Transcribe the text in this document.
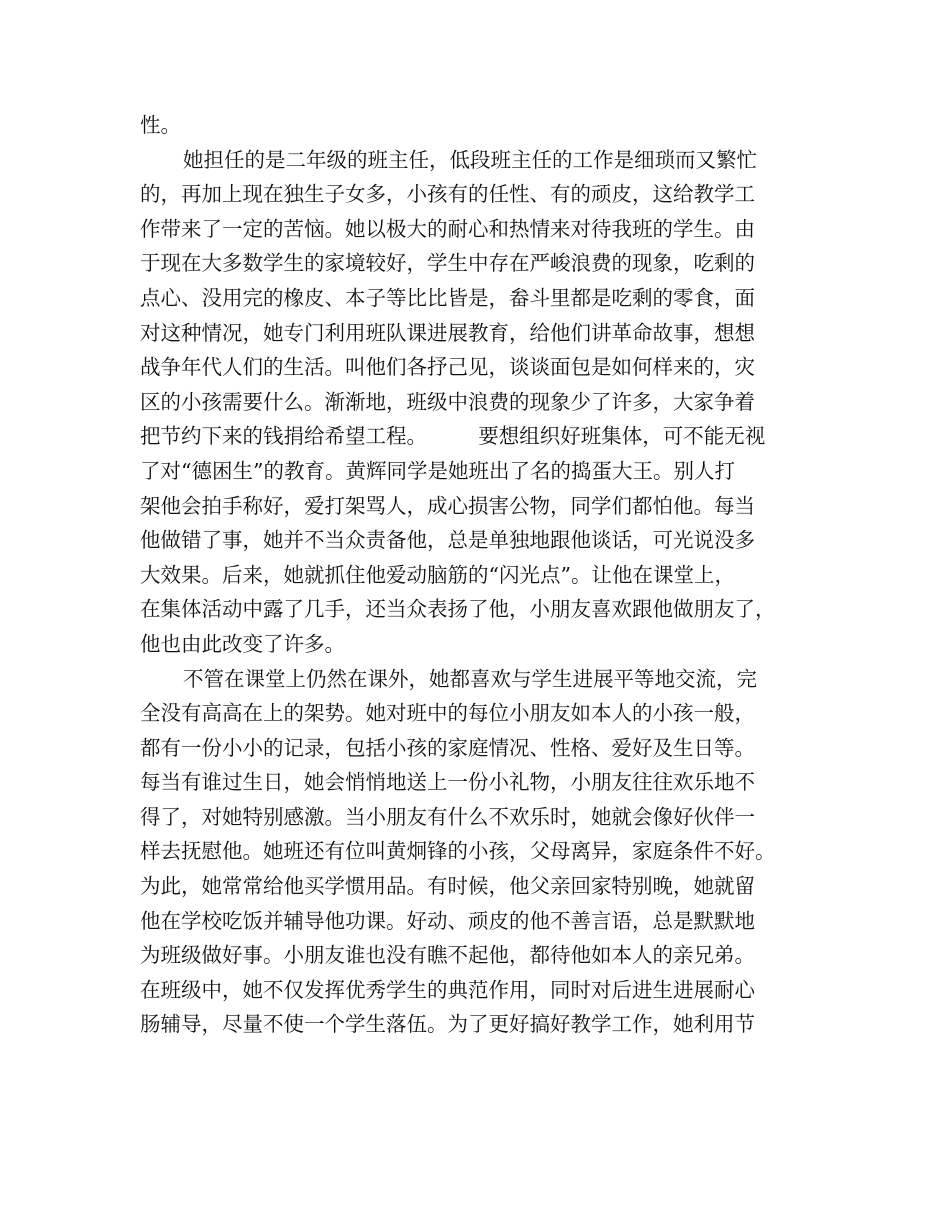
性。
她担任的是二年级的班主任，低段班主任的工作是细琐而又繁忙
的，再加上现在独生子女多，小孩有的任性、有的顽皮，这给教学工
作带来了一定的苦恼。她以极大的耐心和热情来对待我班的学生。由
于现在大多数学生的家境较好，学生中存在严峻浪费的现象，吃剩的
点心、没用完的橡皮、本子等比比皆是，畚斗里都是吃剩的零食，面
对这种情况，她专门利用班队课进展教育，给他们讲革命故事，想想
战争年代人们的生活。叫他们各抒己见，谈谈面包是如何样来的，灾
区的小孩需要什么。渐渐地，班级中浪费的现象少了许多，大家争着
把节约下来的钱捐给希望工程。　　　要想组织好班集体，可不能无视
了对“德困生”的教育。黄辉同学是她班出了名的捣蛋大王。别人打
架他会拍手称好，爱打架骂人，成心损害公物，同学们都怕他。每当
他做错了事，她并不当众责备他，总是单独地跟他谈话，可光说没多
大效果。后来，她就抓住他爱动脑筋的“闪光点”。让他在课堂上，
在集体活动中露了几手，还当众表扬了他，小朋友喜欢跟他做朋友了，
他也由此改变了许多。
不管在课堂上仍然在课外，她都喜欢与学生进展平等地交流，完
全没有高高在上的架势。她对班中的每位小朋友如本人的小孩一般，
都有一份小小的记录，包括小孩的家庭情况、性格、爱好及生日等。
每当有谁过生日，她会悄悄地送上一份小礼物，小朋友往往欢乐地不
得了，对她特别感激。当小朋友有什么不欢乐时，她就会像好伙伴一
样去抚慰他。她班还有位叫黄炯锋的小孩，父母离异，家庭条件不好。
为此，她常常给他买学惯用品。有时候，他父亲回家特别晚，她就留
他在学校吃饭并辅导他功课。好动、顽皮的他不善言语，总是默默地
为班级做好事。小朋友谁也没有瞧不起他，都待他如本人的亲兄弟。
在班级中，她不仅发挥优秀学生的典范作用，同时对后进生进展耐心
肠辅导，尽量不使一个学生落伍。为了更好搞好教学工作，她利用节
